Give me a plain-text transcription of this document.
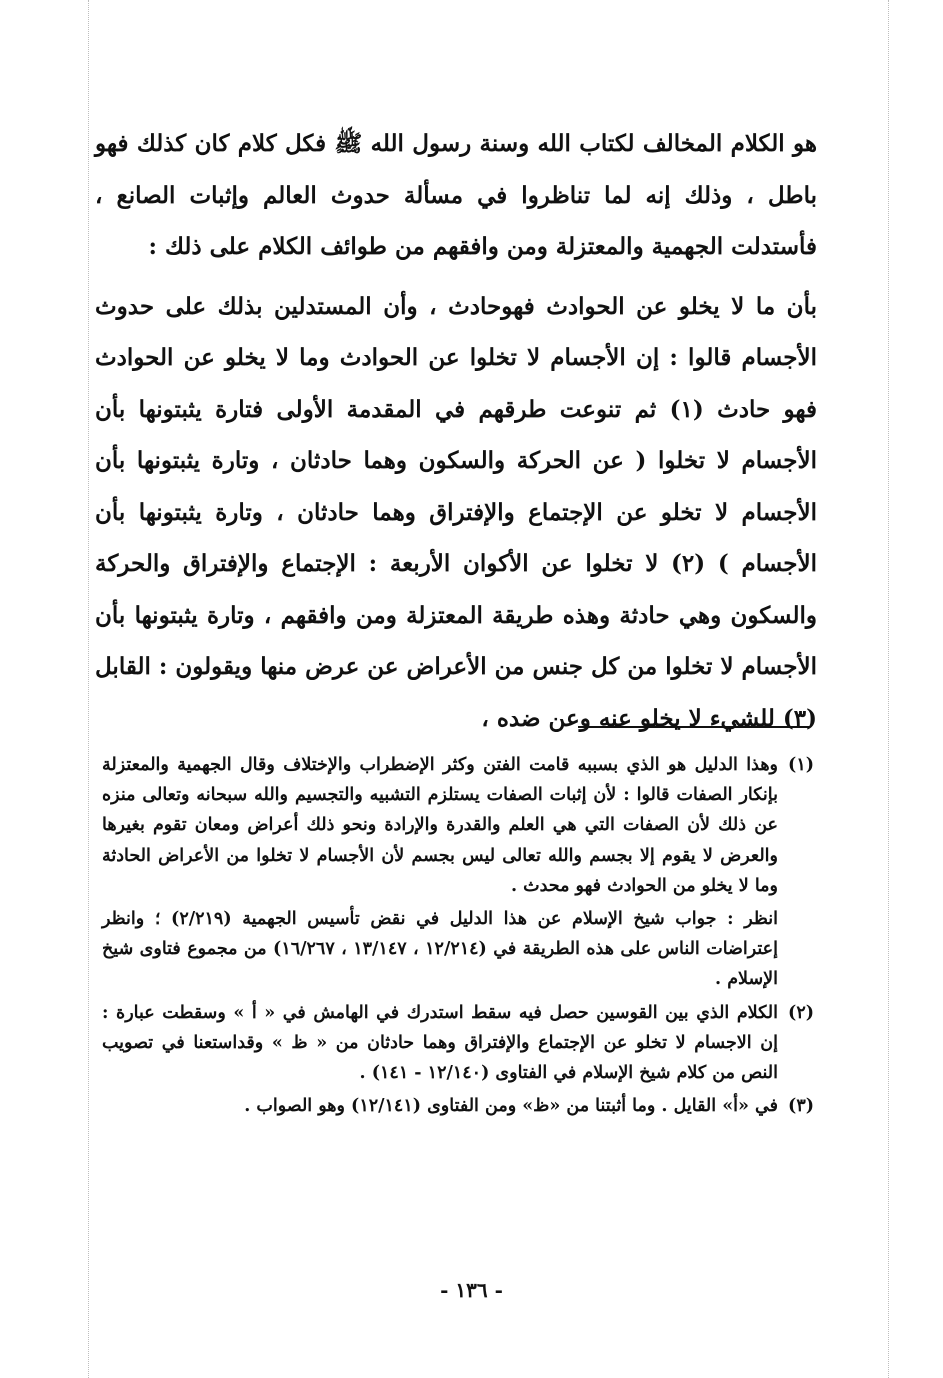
هو الكلام المخالف لكتاب الله وسنة رسول الله ﷺ فكل كلام كان كذلك فهو باطل ، وذلك إنه لما تناظروا في مسألة حدوث العالم وإثبات الصانع ، فأستدلت الجهمية والمعتزلة ومن وافقهم من طوائف الكلام على ذلك :

بأن ما لا يخلو عن الحوادث فهوحادث ، وأن المستدلين بذلك على حدوث الأجسام قالوا : إن الأجسام لا تخلوا عن الحوادث وما لا يخلو عن الحوادث فهو حادث (١) ثم تنوعت طرقهم في المقدمة الأولى فتارة يثبتونها بأن الأجسام لا تخلوا ( عن الحركة والسكون وهما حادثان ، وتارة يثبتونها بأن الأجسام لا تخلو عن الإجتماع والإفتراق وهما حادثان ، وتارة يثبتونها بأن الأجسام ) (٢) لا تخلوا عن الأكوان الأربعة : الإجتماع والإفتراق والحركة والسكون وهي حادثة وهذه طريقة المعتزلة ومن وافقهم ، وتارة يثبتونها بأن الأجسام لا تخلوا من كل جنس من الأعراض عن عرض منها ويقولون : القابل (٣) للشيء لا يخلو عنه وعن ضده ،

(١)
وهذا الدليل هو الذي بسببه قامت الفتن وكثر الإضطراب والإختلاف وقال الجهمية والمعتزلة بإنكار الصفات قالوا : لأن إثبات الصفات يستلزم التشبيه والتجسيم والله سبحانه وتعالى منزه عن ذلك لأن الصفات التي هي العلم والقدرة والإرادة ونحو ذلك أعراض ومعان تقوم بغيرها والعرض لا يقوم إلا بجسم والله تعالى ليس بجسم لأن الأجسام لا تخلوا من الأعراض الحادثة وما لا يخلو من الحوادث فهو محدث .
انظر : جواب شيخ الإسلام عن هذا الدليل في نقض تأسيس الجهمية (٢/٢١٩) ؛ وانظر إعتراضات الناس على هذه الطريقة في (١٢/٢١٤ ، ١٣/١٤٧ ، ١٦/٢٦٧) من مجموع فتاوى شيخ الإسلام .
(٢)
الكلام الذي بين القوسين حصل فيه سقط استدرك في الهامش في « أ » وسقطت عبارة : إن الاجسام لا تخلو عن الإجتماع والإفتراق وهما حادثان من « ظ » وقداستعنا في تصويب النص من كلام شيخ الإسلام في الفتاوى (١٢/١٤٠ - ١٤١) .
(٣)
في «أ» القايل . وما أثبتنا من «ظ» ومن الفتاوى (١٢/١٤١) وهو الصواب .
- ١٣٦ -
